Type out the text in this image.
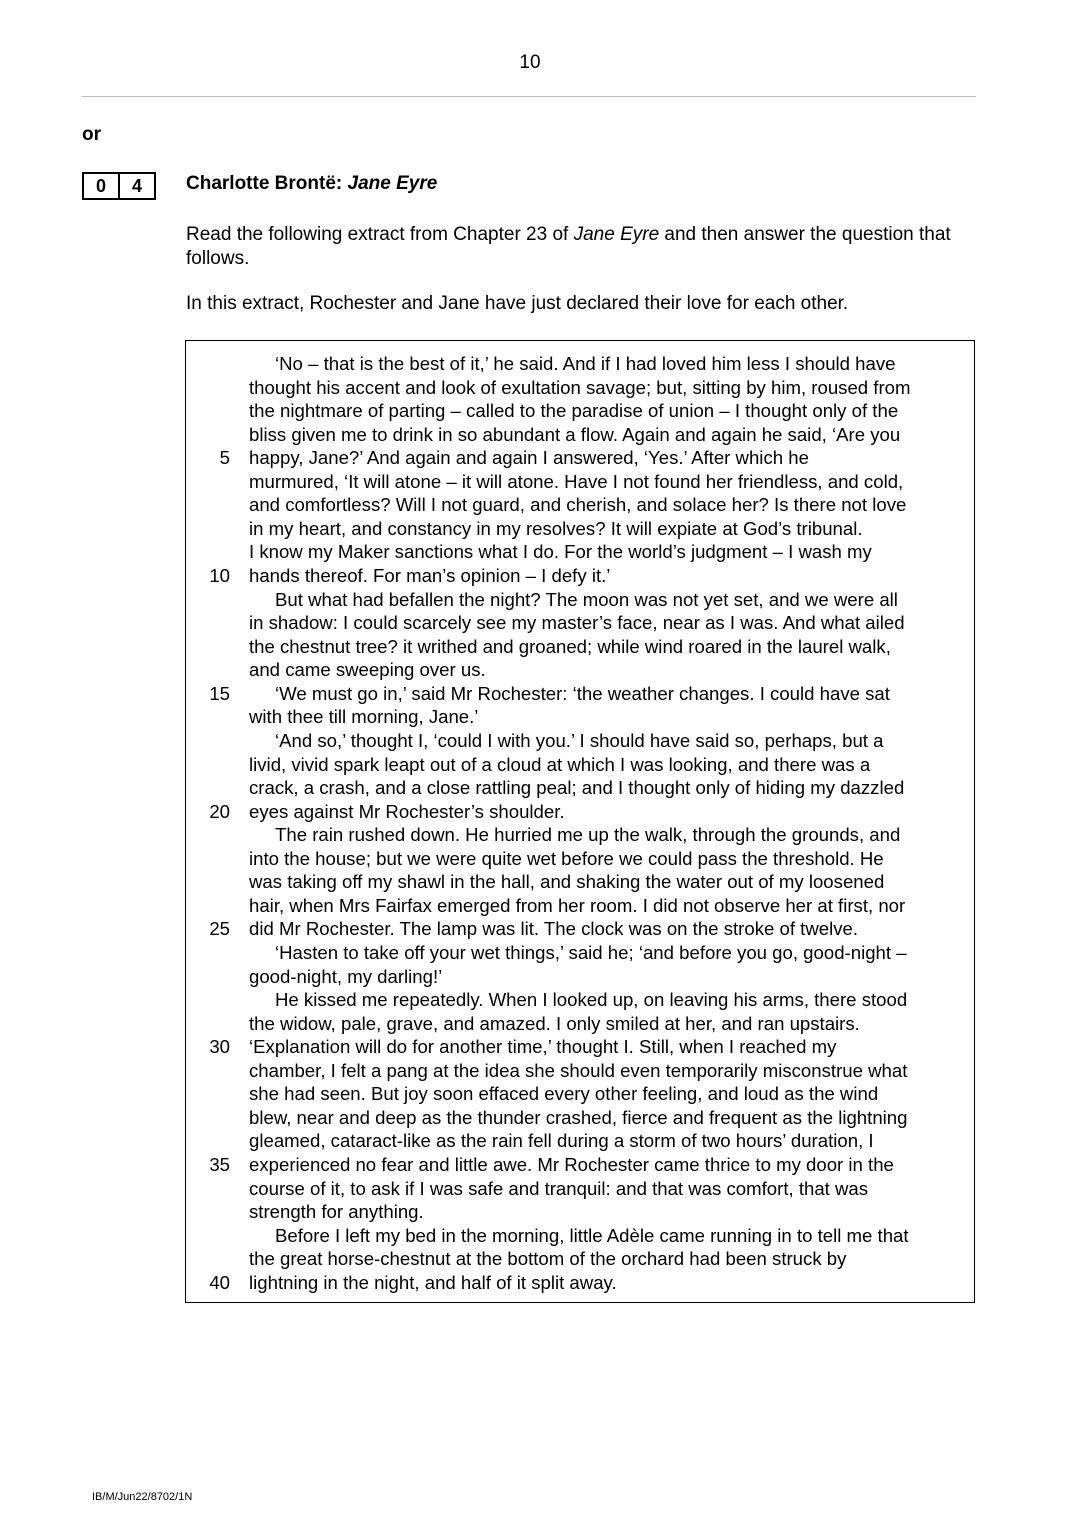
10
or
0	4	Charlotte Brontë: Jane Eyre
Read the following extract from Chapter 23 of Jane Eyre and then answer the question that follows.
In this extract, Rochester and Jane have just declared their love for each other.
‘No – that is the best of it,’ he said. And if I had loved him less I should have
thought his accent and look of exultation savage; but, sitting by him, roused from
the nightmare of parting – called to the paradise of union – I thought only of the
bliss given me to drink in so abundant a flow. Again and again he said, ‘Are you
5 happy, Jane?’ And again and again I answered, ‘Yes.’ After which he
murmured, ‘It will atone – it will atone. Have I not found her friendless, and cold,
and comfortless? Will I not guard, and cherish, and solace her? Is there not love
in my heart, and constancy in my resolves? It will expiate at God’s tribunal.
I know my Maker sanctions what I do. For the world’s judgment – I wash my
10 hands thereof. For man’s opinion – I defy it.’
But what had befallen the night? The moon was not yet set, and we were all
in shadow: I could scarcely see my master’s face, near as I was. And what ailed
the chestnut tree? it writhed and groaned; while wind roared in the laurel walk,
and came sweeping over us.
15 ‘We must go in,’ said Mr Rochester: ‘the weather changes. I could have sat
with thee till morning, Jane.’
‘And so,’ thought I, ‘could I with you.’ I should have said so, perhaps, but a
livid, vivid spark leapt out of a cloud at which I was looking, and there was a
crack, a crash, and a close rattling peal; and I thought only of hiding my dazzled
20 eyes against Mr Rochester’s shoulder.
The rain rushed down. He hurried me up the walk, through the grounds, and
into the house; but we were quite wet before we could pass the threshold. He
was taking off my shawl in the hall, and shaking the water out of my loosened
hair, when Mrs Fairfax emerged from her room. I did not observe her at first, nor
25 did Mr Rochester. The lamp was lit. The clock was on the stroke of twelve.
‘Hasten to take off your wet things,’ said he; ‘and before you go, good-night –
good-night, my darling!’
He kissed me repeatedly. When I looked up, on leaving his arms, there stood
the widow, pale, grave, and amazed. I only smiled at her, and ran upstairs.
30 ‘Explanation will do for another time,’ thought I. Still, when I reached my
chamber, I felt a pang at the idea she should even temporarily misconstrue what
she had seen. But joy soon effaced every other feeling, and loud as the wind
blew, near and deep as the thunder crashed, fierce and frequent as the lightning
gleamed, cataract-like as the rain fell during a storm of two hours’ duration, I
35 experienced no fear and little awe. Mr Rochester came thrice to my door in the
course of it, to ask if I was safe and tranquil: and that was comfort, that was
strength for anything.
Before I left my bed in the morning, little Adèle came running in to tell me that
the great horse-chestnut at the bottom of the orchard had been struck by
40 lightning in the night, and half of it split away.
IB/M/Jun22/8702/1N
